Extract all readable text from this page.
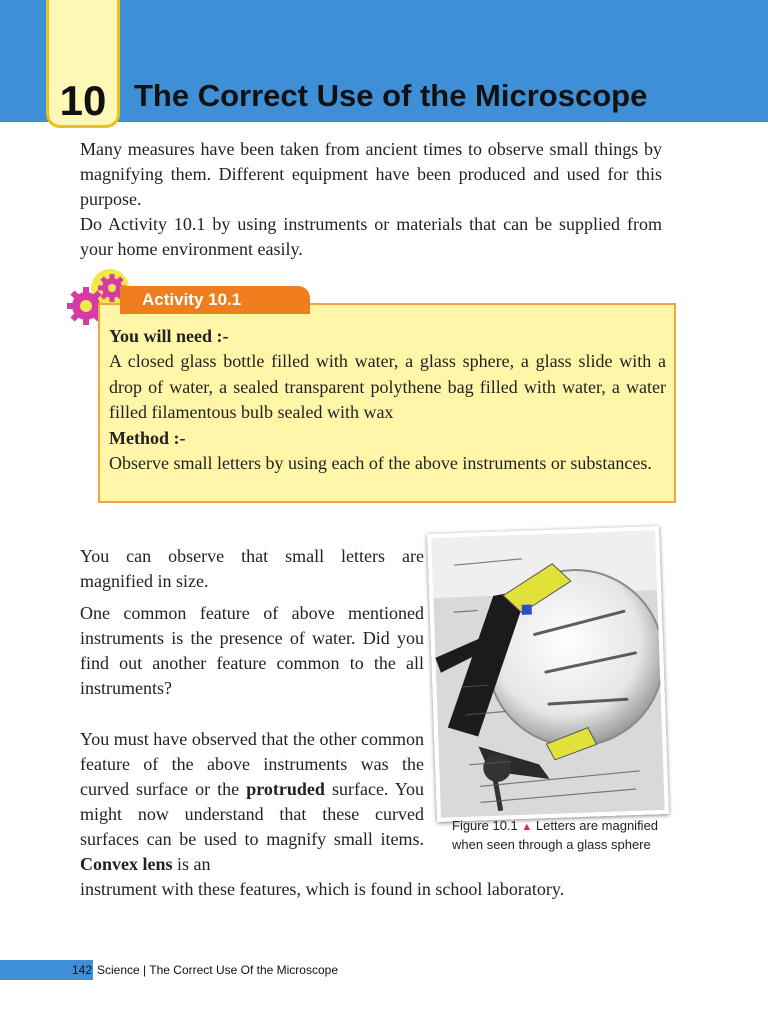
10 The Correct Use of the Microscope
Many measures have been taken from ancient times to observe small things by magnifying them. Different equipment have been produced and used for this purpose.
Do Activity 10.1 by using instruments or materials that can be supplied from your home environment easily.
You will need :-
A closed glass bottle filled with water, a glass sphere, a glass slide with a drop of water, a sealed transparent polythene bag filled with water, a water filled filamentous bulb sealed with wax
Method :-
Observe small letters by using each of the above instruments or substances.
Activity 10.1
You can observe that small letters are magnified in size.
One common feature of above mentioned instruments is the presence of water. Did you find out another feature common to the all instruments?
You must have observed that the other common feature of the above instruments was the curved surface or the protruded surface. You might now understand that these curved surfaces can be used to magnify small items. Convex lens is an
instrument with these features, which is found in school laboratory.
Figure 10.1 ▲ Letters are magnified when seen through a glass sphere
142 Science | The Correct Use Of the Microscope
